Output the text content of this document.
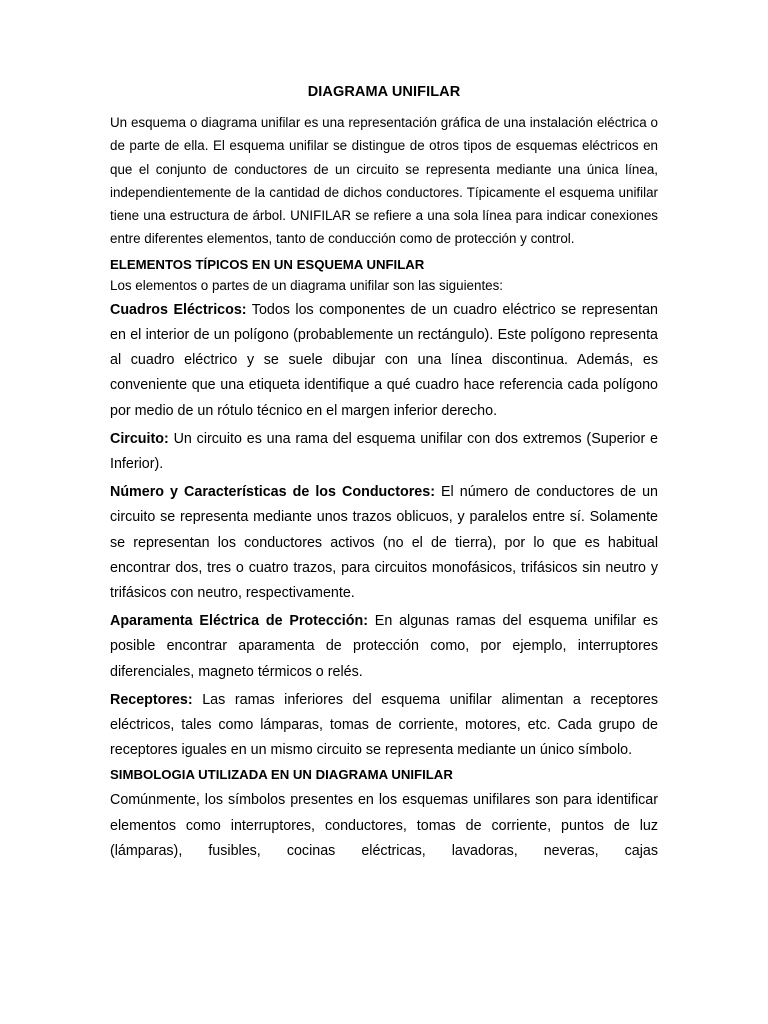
DIAGRAMA UNIFILAR

Un esquema o diagrama unifilar es una representación gráfica de una instalación eléctrica o de parte de ella. El esquema unifilar se distingue de otros tipos de esquemas eléctricos en que el conjunto de conductores de un circuito se representa mediante una única línea, independientemente de la cantidad de dichos conductores. Típicamente el esquema unifilar tiene una estructura de árbol. UNIFILAR se refiere a una sola línea para indicar conexiones entre diferentes elementos, tanto de conducción como de protección y control.

ELEMENTOS TÍPICOS EN UN ESQUEMA UNFILAR
Los elementos o partes de un diagrama unifilar son las siguientes:

Cuadros Eléctricos: Todos los componentes de un cuadro eléctrico se representan en el interior de un polígono (probablemente un rectángulo). Este polígono representa al cuadro eléctrico y se suele dibujar con una línea discontinua. Además, es conveniente que una etiqueta identifique a qué cuadro hace referencia cada polígono por medio de un rótulo técnico en el margen inferior derecho.

Circuito: Un circuito es una rama del esquema unifilar con dos extremos (Superior e Inferior).

Número y Características de los Conductores: El número de conductores de un circuito se representa mediante unos trazos oblicuos, y paralelos entre sí. Solamente se representan los conductores activos (no el de tierra), por lo que es habitual encontrar dos, tres o cuatro trazos, para circuitos monofásicos, trifásicos sin neutro y trifásicos con neutro, respectivamente.

Aparamenta Eléctrica de Protección: En algunas ramas del esquema unifilar es posible encontrar aparamenta de protección como, por ejemplo, interruptores diferenciales, magneto térmicos o relés.

Receptores: Las ramas inferiores del esquema unifilar alimentan a receptores eléctricos, tales como lámparas, tomas de corriente, motores, etc. Cada grupo de receptores iguales en un mismo circuito se representa mediante un único símbolo.

SIMBOLOGIA UTILIZADA EN UN DIAGRAMA UNIFILAR

Comúnmente, los símbolos presentes en los esquemas unifilares son para identificar elementos como interruptores, conductores, tomas de corriente, puntos de luz (lámparas), fusibles, cocinas eléctricas, lavadoras, neveras, cajas
